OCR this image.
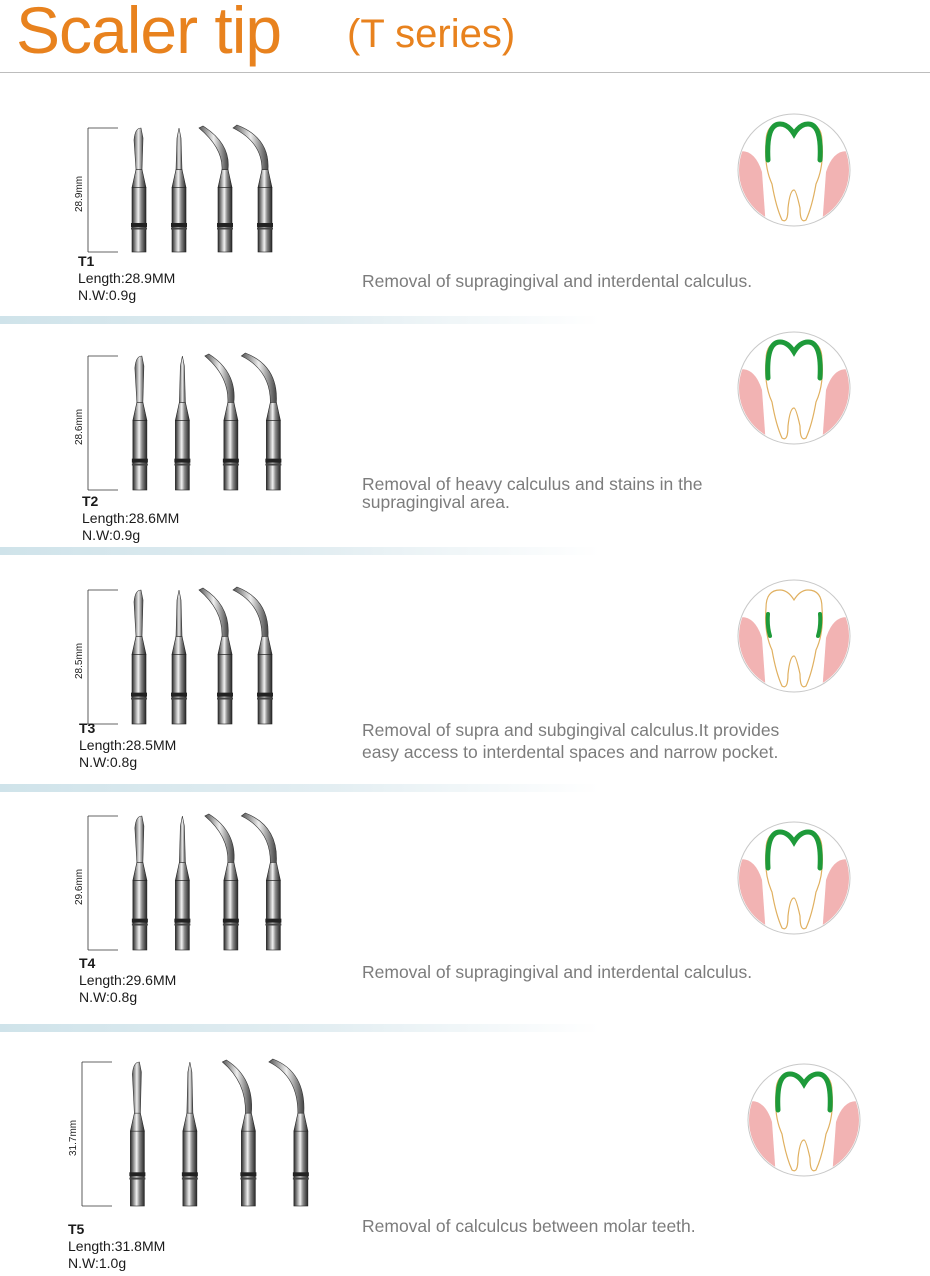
Scaler tip (T series)
28.9mm
T1
Length:28.9MM
N.W:0.9g
Removal of supragingival and interdental calculus.
28.6mm
T2
Length:28.6MM
N.W:0.9g
Removal of heavy calculus and stains in the
supragingival area.
28.5mm
T3
Length:28.5MM
N.W:0.8g
Removal of supra and subgingival calculus.It provides
easy access to interdental spaces and narrow pocket.
29.6mm
T4
Length:29.6MM
N.W:0.8g
Removal of supragingival and interdental calculus.
31.7mm
T5
Length:31.8MM
N.W:1.0g
Removal of calculcus between molar teeth.
